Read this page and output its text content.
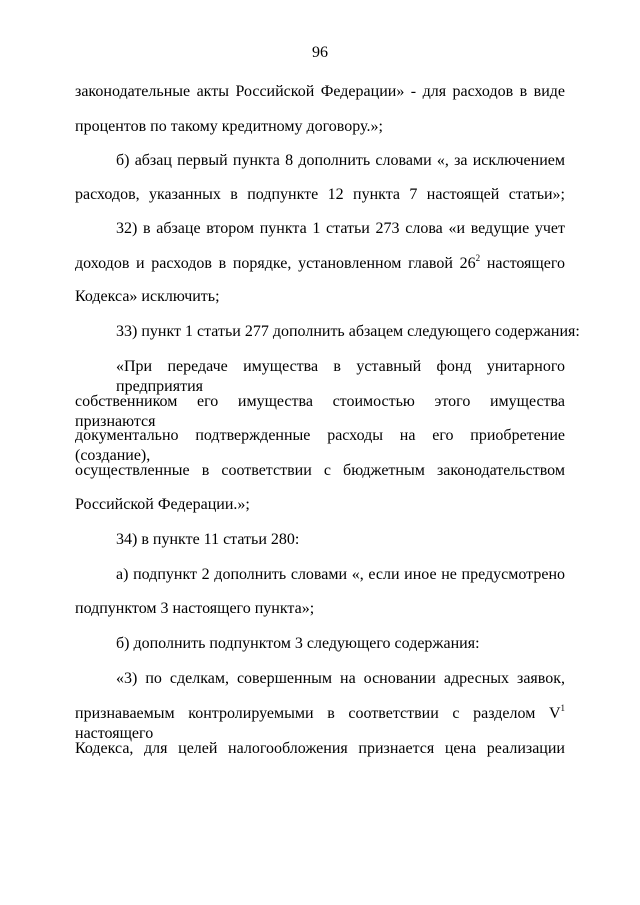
96
законодательные акты Российской Федерации» - для расходов в виде
процентов по такому кредитному договору.»;
б) абзац первый пункта 8 дополнить словами «, за исключением
расходов, указанных в подпункте 12 пункта 7 настоящей статьи»;
32) в абзаце втором пункта 1 статьи 273 слова «и ведущие учет
доходов и расходов в порядке, установленном главой $26^2$ настоящего
Кодекса» исключить;
33) пункт 1 статьи 277 дополнить абзацем следующего содержания:
«При передаче имущества в уставный фонд унитарного предприятия
собственником его имущества стоимостью этого имущества признаются
документально подтвержденные расходы на его приобретение (создание),
осуществленные в соответствии с бюджетным законодательством
Российской Федерации.»;
34) в пункте 11 статьи 280:
а) подпункт 2 дополнить словами «, если иное не предусмотрено
подпунктом 3 настоящего пункта»;
б) дополнить подпунктом 3 следующего содержания:
«3) по сделкам, совершенным на основании адресных заявок,
признаваемым контролируемыми в соответствии с разделом $V^1$ настоящего
Кодекса, для целей налогообложения признается цена реализации
